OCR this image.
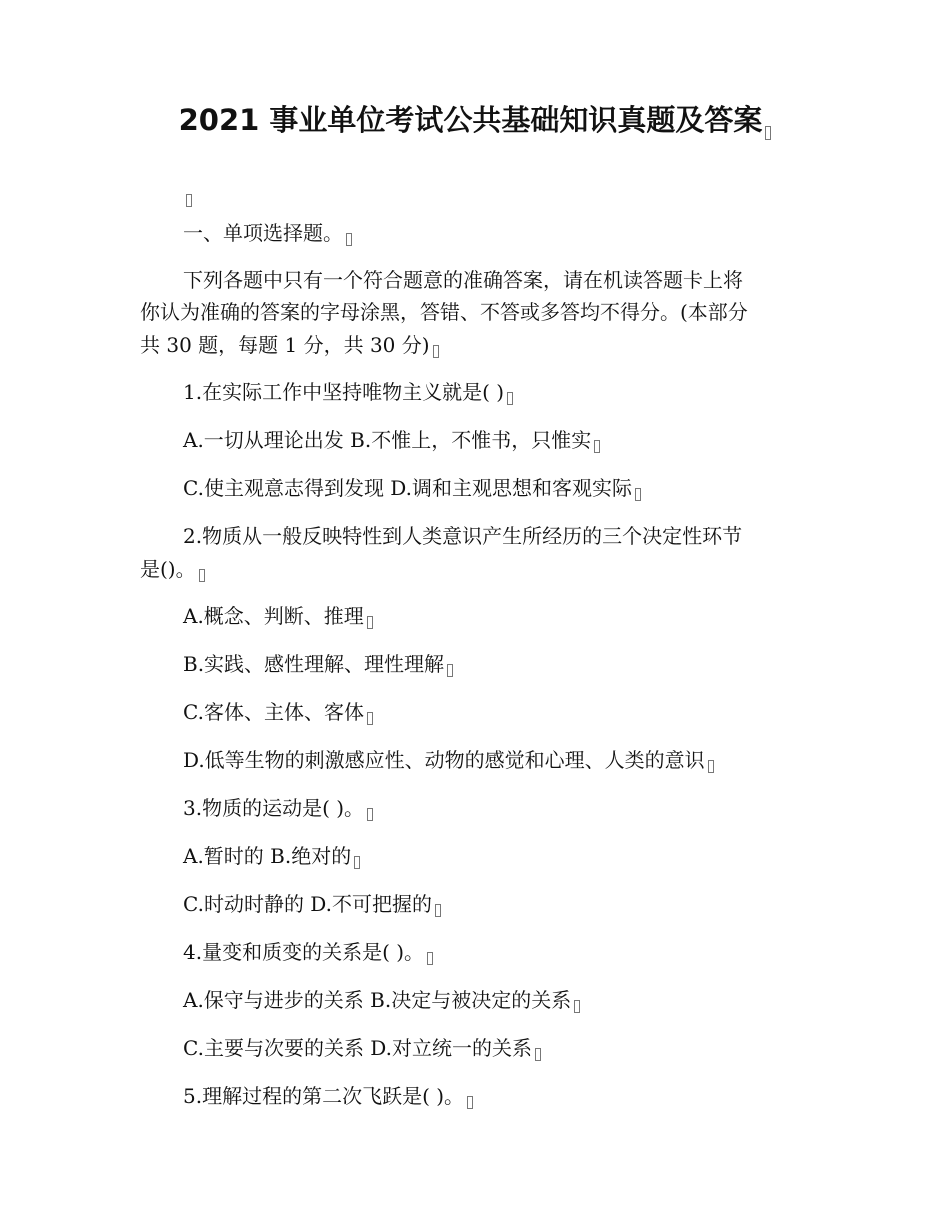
2021 事业单位考试公共基础知识真题及答案
一、单项选择题。
下列各题中只有一个符合题意的准确答案，请在机读答题卡上将
你认为准确的答案的字母涂黑，答错、不答或多答均不得分。(本部分
共 30 题，每题 1 分，共 30 分)
1.在实际工作中坚持唯物主义就是( )
A.一切从理论出发 B.不惟上，不惟书，只惟实
C.使主观意志得到发现 D.调和主观思想和客观实际
2.物质从一般反映特性到人类意识产生所经历的三个决定性环节
是()。
A.概念、判断、推理
B.实践、感性理解、理性理解
C.客体、主体、客体
D.低等生物的刺激感应性、动物的感觉和心理、人类的意识
3.物质的运动是( )。
A.暂时的 B.绝对的
C.时动时静的 D.不可把握的
4.量变和质变的关系是( )。
A.保守与进步的关系 B.决定与被决定的关系
C.主要与次要的关系 D.对立统一的关系
5.理解过程的第二次飞跃是( )。
